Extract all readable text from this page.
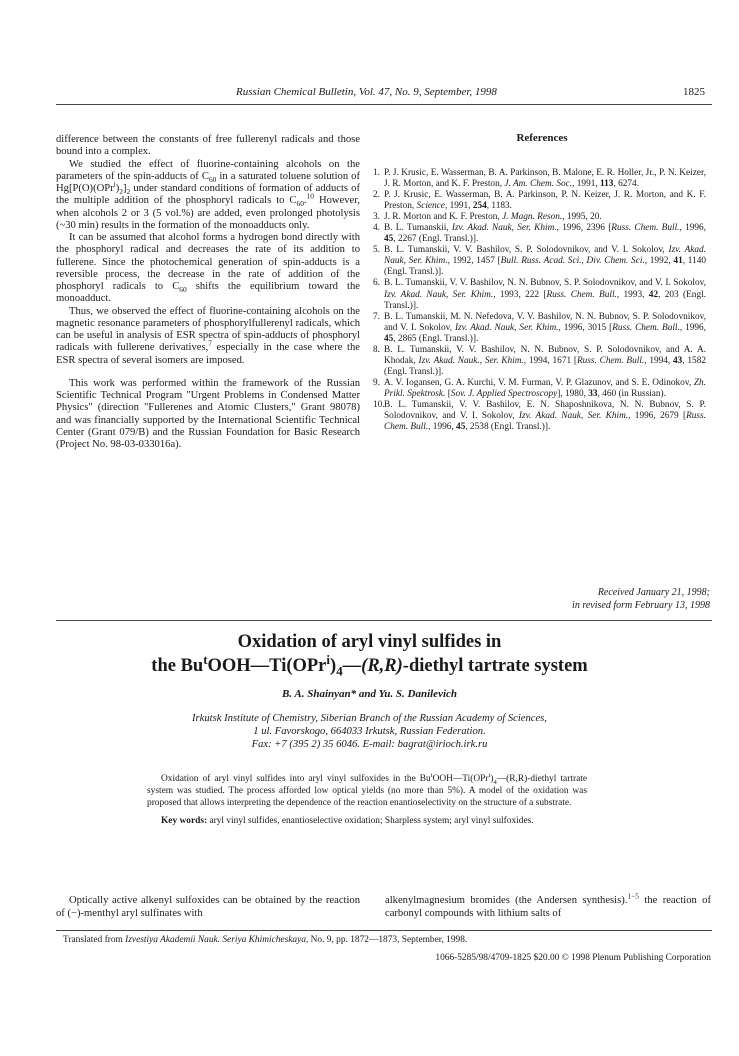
Russian Chemical Bulletin, Vol. 47, No. 9, September, 1998	1825

difference between the constants of free fullerenyl radicals and those bound into a complex.

We studied the effect of fluorine-containing alcohols on the parameters of the spin-adducts of $C_{60}$ in a saturated toluene solution of $Hg[P(O)(OPr^i)_2]_2$ under standard conditions of formation of adducts of the multiple addition of the phosphoryl radicals to $C_{60}.^{10}$ However, when alcohols 2 or 3 (5 vol.%) are added, even prolonged photolysis (~30 min) results in the formation of the monoadducts only.

It can be assumed that alcohol forms a hydrogen bond directly with the phosphoryl radical and decreases the rate of its addition to fullerene. Since the photochemical generation of spin-adducts is a reversible process, the decrease in the rate of addition of the phosphoryl radicals to $C_{60}$ shifts the equilibrium toward the monoadduct.

Thus, we observed the effect of fluorine-containing alcohols on the magnetic resonance parameters of phosphorylfullerenyl radicals, which can be useful in analysis of ESR spectra of spin-adducts of phosphoryl radicals with fullerene derivatives,$^7$ especially in the case where the ESR spectra of several isomers are imposed.

This work was performed within the framework of the Russian Scientific Technical Program "Urgent Problems in Condensed Matter Physics" (direction "Fullerenes and Atomic Clusters," Grant 98078) and was financially supported by the International Scientific Technical Center (Grant 079/B) and the Russian Foundation for Basic Research (Project No. 98-03-033016a).

References
1. P. J. Krusic, E. Wasserman, B. A. Parkinson, B. Malone, E. R. Holler, Jr., P. N. Keizer, J. R. Morton, and K. F. Preston, J. Am. Chem. Soc., 1991, 113, 6274.
2. P. J. Krusic, E. Wasserman, B. A. Parkinson, P. N. Keizer, J. R. Morton, and K. F. Preston, Science, 1991, 254, 1183.
3. J. R. Morton and K. F. Preston, J. Magn. Reson., 1995, 20.
4. B. L. Tumanskii, Izv. Akad. Nauk, Ser. Khim., 1996, 2396 [Russ. Chem. Bull., 1996, 45, 2267 (Engl. Transl.)].
5. B. L. Tumanskii, V. V. Bashilov, S. P. Solodovnikov, and V. I. Sokolov, Izv. Akad. Nauk, Ser. Khim., 1992, 1457 [Bull. Russ. Acad. Sci., Div. Chem. Sci., 1992, 41, 1140 (Engl. Transl.)].
6. B. L. Tumanskii, V. V. Bashilov, N. N. Bubnov, S. P. Solodovnikov, and V. I. Sokolov, Izv. Akad. Nauk, Ser. Khim., 1993, 222 [Russ. Chem. Bull., 1993, 42, 203 (Engl. Transl.)].
7. B. L. Tumanskii, M. N. Nefedova, V. V. Bashilov, N. N. Bubnov, S. P. Solodovnikov, and V. I. Sokolov, Izv. Akad. Nauk, Ser. Khim., 1996, 3015 [Russ. Chem. Bull., 1996, 45, 2865 (Engl. Transl.)].
8. B. L. Tumanskii, V. V. Bashilov, N. N. Bubnov, S. P. Solodovnikov, and A. A. Khodak, Izv. Akad. Nauk., Ser. Khim., 1994, 1671 [Russ. Chem. Bull., 1994, 43, 1582 (Engl. Transl.)].
9. A. V. Iogansen, G. A. Kurchi, V. M. Furman, V. P. Glazunov, and S. E. Odinokov, Zh. Prikl. Spektrosk. [Sov. J. Applied Spectroscopy], 1980, 33, 460 (in Russian).
10. B. L. Tumanskii, V. V. Bashilov, E. N. Shaposhnikova, N. N. Bubnov, S. P. Solodovnikov, and V. I. Sokolov, Izv. Akad. Nauk, Ser. Khim., 1996, 2679 [Russ. Chem. Bull., 1996, 45, 2538 (Engl. Transl.)].
Received January 21, 1998;
in revised form February 13, 1998
Oxidation of aryl vinyl sulfides in
the $Bu^tOOH—Ti(OPr^i)_4—(R,R)$-diethyl tartrate system
B. A. Shainyan* and Yu. S. Danilevich
Irkutsk Institute of Chemistry, Siberian Branch of the Russian Academy of Sciences,
1 ul. Favorskogo, 664033 Irkutsk, Russian Federation.
Fax: +7 (395 2) 35 6046. E-mail: bagrat@irioch.irk.ru

Oxidation of aryl vinyl sulfides into aryl vinyl sulfoxides in the $Bu^tOOH—Ti(OPr^i)_4—(R,R)$-diethyl tartrate system was studied. The process afforded low optical yields (no more than 5%). A model of the oxidation was proposed that allows interpreting the dependence of the reaction enantioselectivity on the structure of a substrate.

Key words: aryl vinyl sulfides, enantioselective oxidation; Sharpless system; aryl vinyl sulfoxides.

Optically active alkenyl sulfoxides can be obtained by the reaction of (−)-menthyl aryl sulfinates with
alkenylmagnesium bromides (the Andersen synthesis).$^{1-5}$ the reaction of carbonyl compounds with lithium salts of
Translated from Izvestiya Akademii Nauk. Seriya Khimicheskaya, No. 9, pp. 1872—1873, September, 1998.
1066-5285/98/4709-1825 $20.00 © 1998 Plenum Publishing Corporation
